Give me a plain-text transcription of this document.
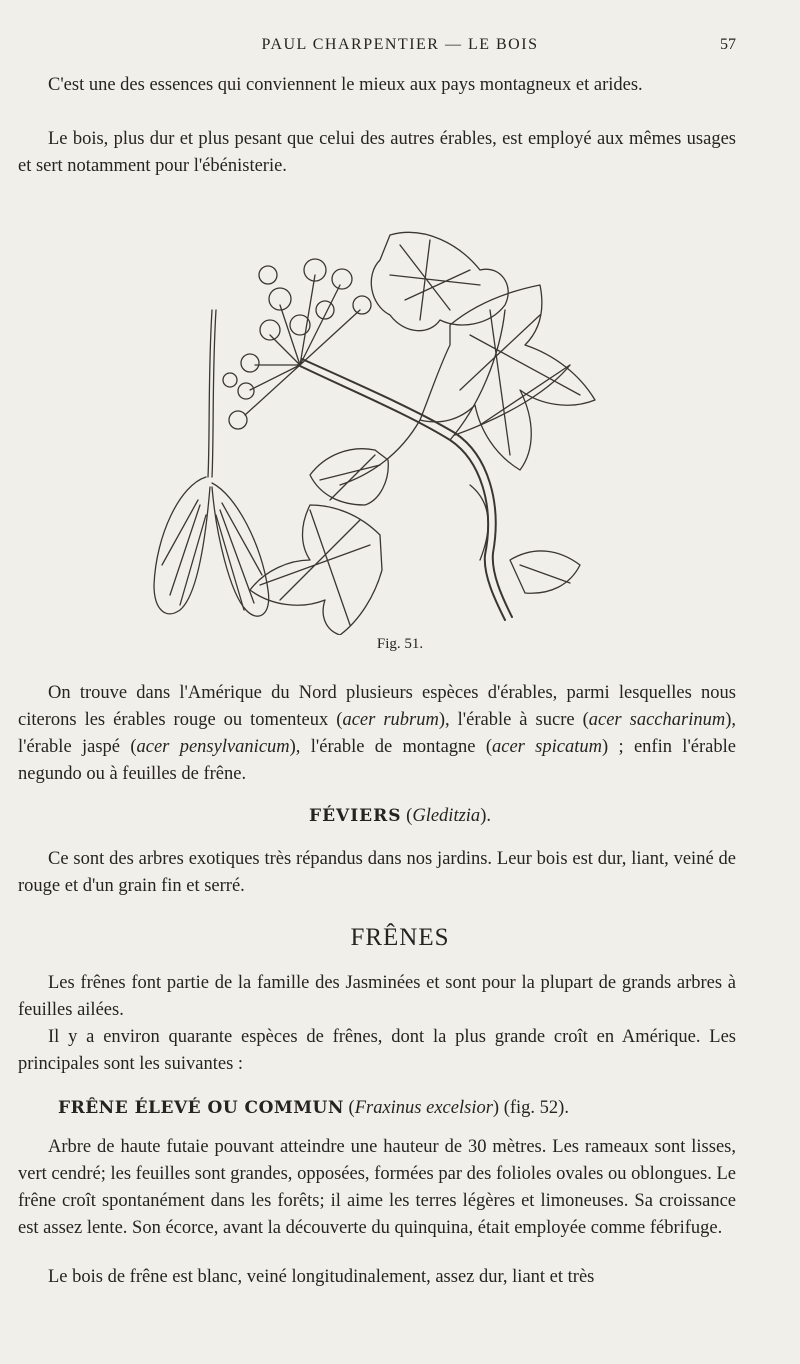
PAUL CHARPENTIER — LE BOIS	57

C'est une des essences qui conviennent le mieux aux pays montagneux et arides.

Le bois, plus dur et plus pesant que celui des autres érables, est employé aux mêmes usages et sert notamment pour l'ébénisterie.

Fig. 51.

On trouve dans l'Amérique du Nord plusieurs espèces d'érables, parmi lesquelles nous citerons les érables rouge ou tomenteux (acer rubrum), l'érable à sucre (acer saccharinum), l'érable jaspé (acer pensylvanicum), l'érable de montagne (acer spicatum) ; enfin l'érable negundo ou à feuilles de frêne.

FÉVIERS (Gleditzia).

Ce sont des arbres exotiques très répandus dans nos jardins. Leur bois est dur, liant, veiné de rouge et d'un grain fin et serré.

FRÊNES

Les frênes font partie de la famille des Jasminées et sont pour la plupart de grands arbres à feuilles ailées.

Il y a environ quarante espèces de frênes, dont la plus grande croît en Amérique. Les principales sont les suivantes :

FRÊNE ÉLEVÉ OU COMMUN (Fraxinus excelsior) (fig. 52).

Arbre de haute futaie pouvant atteindre une hauteur de 30 mètres. Les rameaux sont lisses, vert cendré; les feuilles sont grandes, opposées, formées par des folioles ovales ou oblongues. Le frêne croît spontanément dans les forêts; il aime les terres légères et limoneuses. Sa croissance est assez lente. Son écorce, avant la découverte du quinquina, était employée comme fébrifuge.

Le bois de frêne est blanc, veiné longitudinalement, assez dur, liant et très
